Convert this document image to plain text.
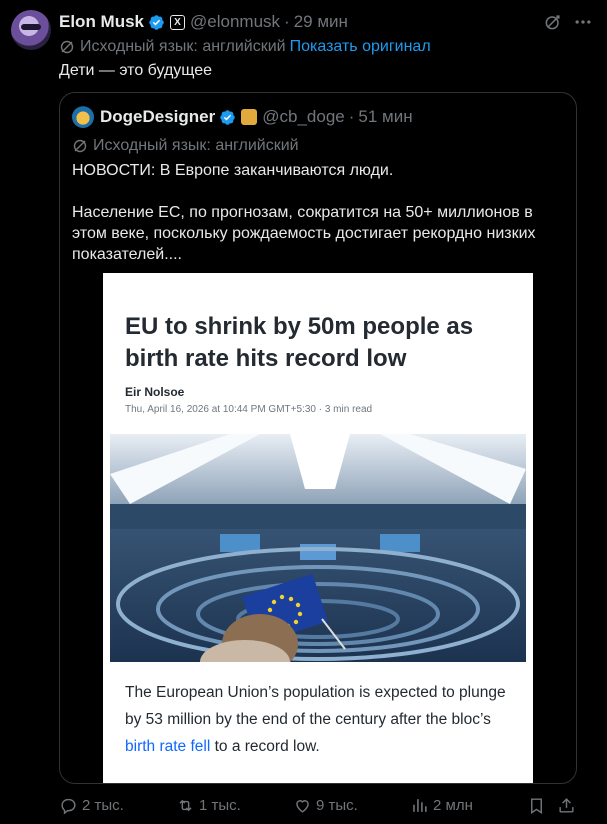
Elon Musk	X @elonmusk · 29 мин
Исходный язык: английский Показать оригинал
Дети — это будущее
DogeDesigner	@cb_doge · 51 мин
Исходный язык: английский

НОВОСТИ: В Европе заканчиваются люди.

Население ЕС, по прогнозам, сократится на 50+ миллионов в этом веке, поскольку рождаемость достигает рекордно низких показателей....

EU to shrink by 50m people as birth rate hits record low
Eir Nolsoe
Thu, April 16, 2026 at 10:44 PM GMT+5:30 · 3 min read
The European Union’s population is expected to plunge by 53 million by the end of the century after the bloc’s birth rate fell to a record low.
2 тыс.	1 тыс.	9 тыс.	2 млн
